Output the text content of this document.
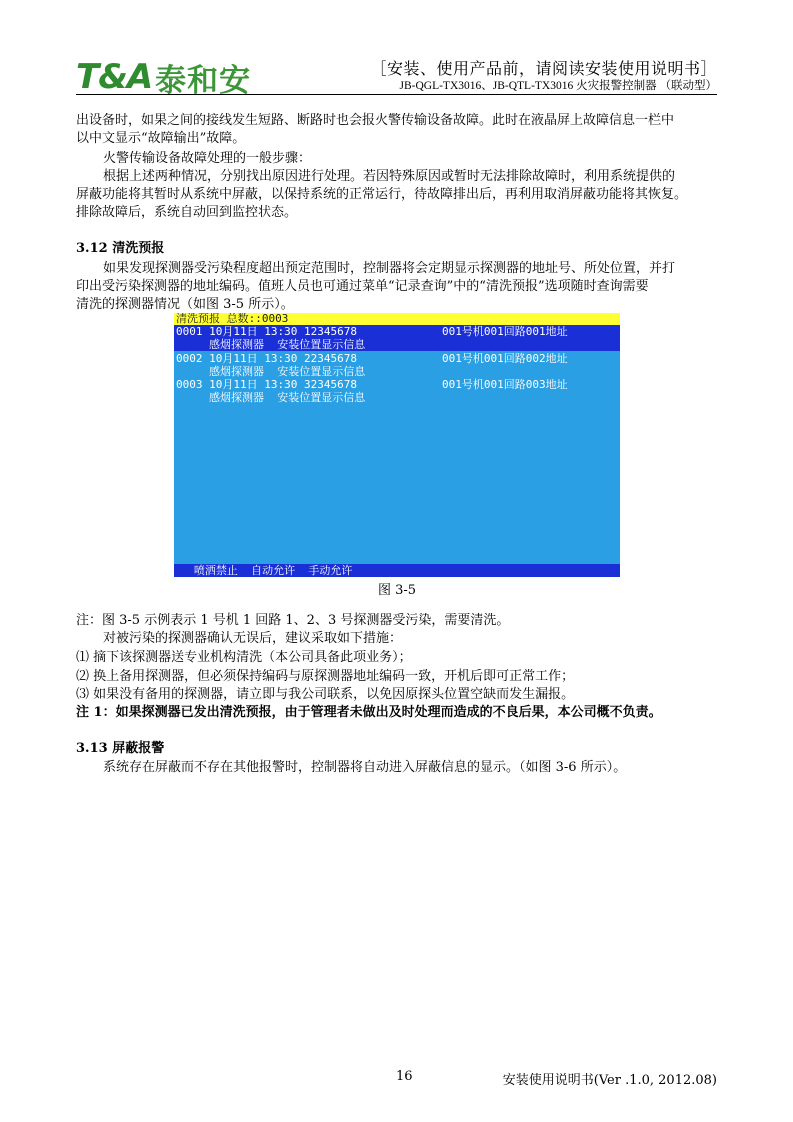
T&A 泰和安	［安装、使用产品前，请阅读安装使用说明书］
JB-QGL-TX3016、JB-QTL-TX3016 火灾报警控制器 （联动型）
出设备时，如果之间的接线发生短路、断路时也会报火警传输设备故障。此时在液晶屏上故障信息一栏中
以中文显示“故障输出”故障。
火警传输设备故障处理的一般步骤：
根据上述两种情况，分别找出原因进行处理。若因特殊原因或暂时无法排除故障时，利用系统提供的
屏蔽功能将其暂时从系统中屏蔽，以保持系统的正常运行，待故障排出后，再利用取消屏蔽功能将其恢复。
排除故障后，系统自动回到监控状态。
3.12 清洗预报
如果发现探测器受污染程度超出预定范围时，控制器将会定期显示探测器的地址号、所处位置，并打
印出受污染探测器的地址编码。值班人员也可通过菜单“记录查询”中的“清洗预报”选项随时查询需要
清洗的探测器情况（如图 3-5 所示）。
清洗预报 总数::0003
0001 10月11日 13:30 12345678	001号机001回路001地址
感烟探测器  安装位置显示信息
0002 10月11日 13:30 22345678	001号机001回路002地址
感烟探测器  安装位置显示信息
0003 10月11日 13:30 32345678	001号机001回路003地址
感烟探测器  安装位置显示信息
喷洒禁止  自动允许  手动允许
图 3-5
注：图 3-5 示例表示 1 号机 1 回路 1、2、3 号探测器受污染，需要清洗。
对被污染的探测器确认无误后，建议采取如下措施：
⑴ 摘下该探测器送专业机构清洗（本公司具备此项业务）；
⑵ 换上备用探测器，但必须保持编码与原探测器地址编码一致，开机后即可正常工作；
⑶ 如果没有备用的探测器，请立即与我公司联系，以免因原探头位置空缺而发生漏报。
注 1：如果探测器已发出清洗预报，由于管理者未做出及时处理而造成的不良后果，本公司概不负责。
3.13 屏蔽报警
系统存在屏蔽而不存在其他报警时，控制器将自动进入屏蔽信息的显示。（如图 3-6 所示）。
16	安装使用说明书(Ver .1.0, 2012.08)
